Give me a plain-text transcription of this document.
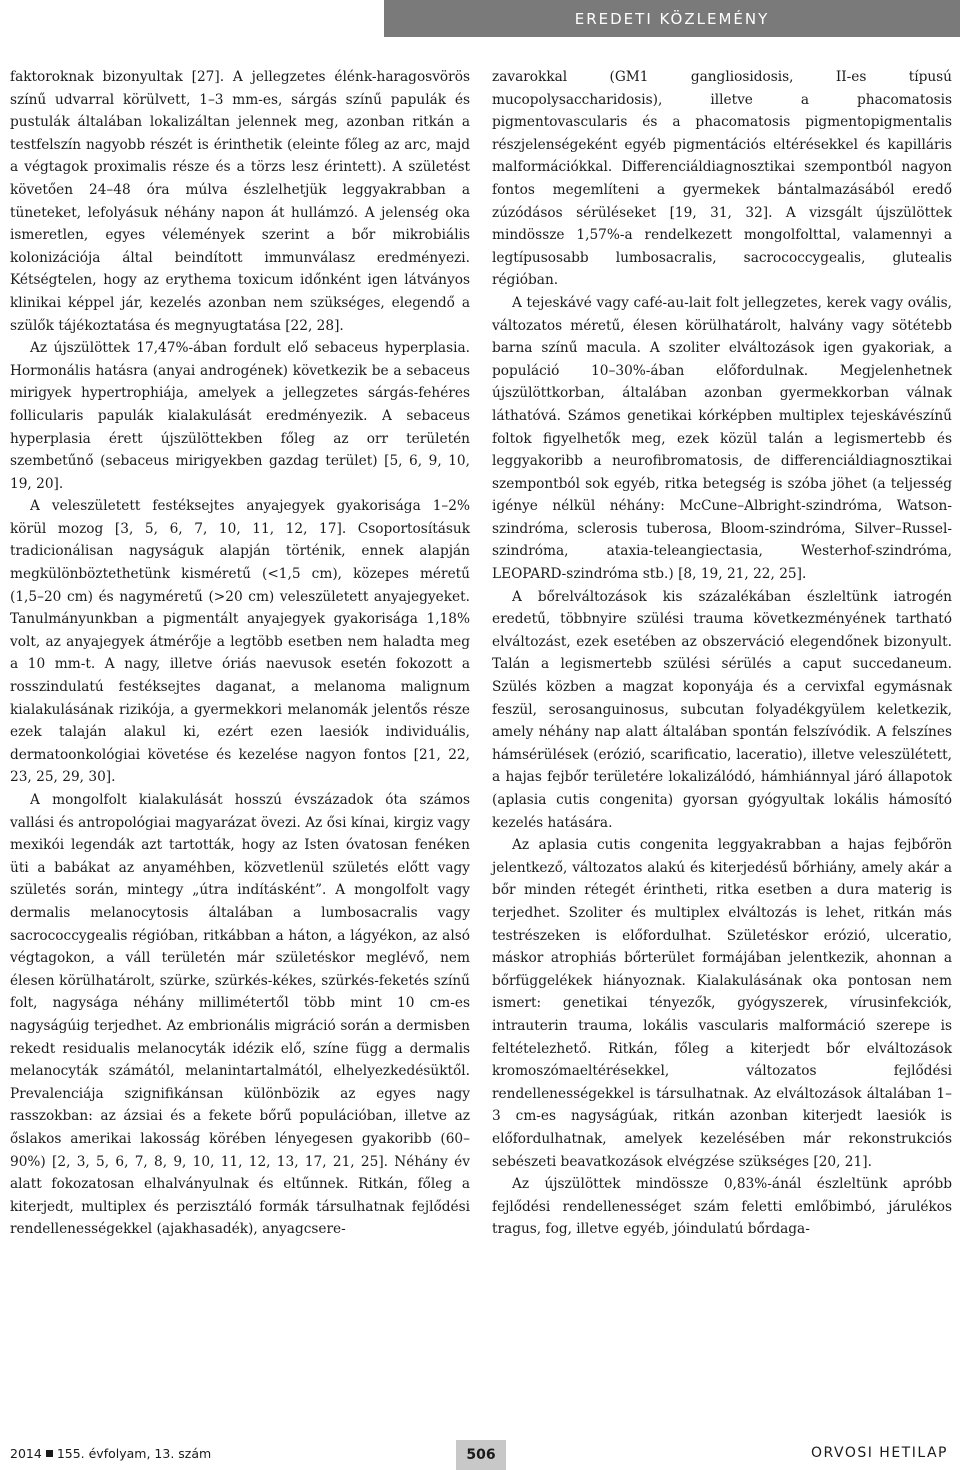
EREDETI KÖZLEMÉNY

faktoroknak bizonyultak [27]. A jellegzetes élénk-haragosvörös színű udvarral körülvett, 1–3 mm-es, sárgás színű papulák és pustulák általában lokalizáltan jelennek meg, azonban ritkán a testfelszín nagyobb részét is érinthetik (eleinte főleg az arc, majd a végtagok proximalis része és a törzs lesz érintett). A születést követően 24–48 óra múlva észlelhetjük leggyakrabban a tüneteket, lefolyásuk néhány napon át hullámzó. A jelenség oka ismeretlen, egyes vélemények szerint a bőr mikrobiális kolonizációja által beindított immunválasz eredményezi. Kétségtelen, hogy az erythema toxicum időnként igen látványos klinikai képpel jár, kezelés azonban nem szükséges, elegendő a szülők tájékoztatása és megnyugtatása [22, 28].

Az újszülöttek 17,47%-ában fordult elő sebaceus hyperplasia. Hormonális hatásra (anyai androgének) következik be a sebaceus mirigyek hypertrophiája, amelyek a jellegzetes sárgás-fehéres follicularis papulák kialakulását eredményezik. A sebaceus hyperplasia érett újszülöttekben főleg az orr területén szembetűnő (sebaceus mirigyekben gazdag terület) [5, 6, 9, 10, 19, 20].

A veleszületett festéksejtes anyajegyek gyakorisága 1–2% körül mozog [3, 5, 6, 7, 10, 11, 12, 17]. Csoportosításuk tradicionálisan nagyságuk alapján történik, ennek alapján megkülönböztethetünk kisméretű (<1,5 cm), közepes méretű (1,5–20 cm) és nagyméretű (>20 cm) veleszületett anyajegyeket. Tanulmányunkban a pigmentált anyajegyek gyakorisága 1,18% volt, az anyajegyek átmérője a legtöbb esetben nem haladta meg a 10 mm-t. A nagy, illetve óriás naevusok esetén fokozott a rosszindulatú festéksejtes daganat, a melanoma malignum kialakulásának rizikója, a gyermekkori melanomák jelentős része ezek talaján alakul ki, ezért ezen laesiók individuális, dermatoonkológiai követése és kezelése nagyon fontos [21, 22, 23, 25, 29, 30].

A mongolfolt kialakulását hosszú évszázadok óta számos vallási és antropológiai magyarázat övezi. Az ősi kínai, kirgiz vagy mexikói legendák azt tartották, hogy az Isten óvatosan fenéken üti a babákat az anyaméhben, közvetlenül születés előtt vagy születés során, mintegy „útra indításként”. A mongolfolt vagy dermalis melanocytosis általában a lumbosacralis vagy sacrococcygealis régióban, ritkábban a háton, a lágyékon, az alsó végtagokon, a váll területén már születéskor meglévő, nem élesen körülhatárolt, szürke, szürkés-kékes, szürkés-feketés színű folt, nagysága néhány millimétertől több mint 10 cm-es nagyságúig terjedhet. Az embrionális migráció során a dermisben rekedt residualis melanocyták idézik elő, színe függ a dermalis melanocyták számától, melanintartalmától, elhelyezkedésüktől. Prevalenciája szignifikánsan különbözik az egyes nagy rasszokban: az ázsiai és a fekete bőrű populációban, illetve az őslakos amerikai lakosság körében lényegesen gyakoribb (60–90%) [2, 3, 5, 6, 7, 8, 9, 10, 11, 12, 13, 17, 21, 25]. Néhány év alatt fokozatosan elhalványulnak és eltűnnek. Ritkán, főleg a kiterjedt, multiplex és perzisztáló formák társulhatnak fejlődési rendellenességekkel (ajakhasadék), anyagcsere-

zavarokkal (GM1 gangliosidosis, II-es típusú mucopolysaccharidosis), illetve a phacomatosis pigmentovascularis és a phacomatosis pigmentopigmentalis részjelenségeként egyéb pigmentációs eltérésekkel és kapilláris malformációkkal. Differenciáldiagnosztikai szempontból nagyon fontos megemlíteni a gyermekek bántalmazásából eredő zúzódásos sérüléseket [19, 31, 32]. A vizsgált újszülöttek mindössze 1,57%-a rendelkezett mongolfolttal, valamennyi a legtípusosabb lumbosacralis, sacrococcygealis, glutealis régióban.

A tejeskávé vagy café-au-lait folt jellegzetes, kerek vagy ovális, változatos méretű, élesen körülhatárolt, halvány vagy sötétebb barna színű macula. A szoliter elváltozások igen gyakoriak, a populáció 10–30%-ában előfordulnak. Megjelenhetnek újszülöttkorban, általában azonban gyermekkorban válnak láthatóvá. Számos genetikai kórképben multiplex tejeskávészínű foltok figyelhetők meg, ezek közül talán a legismertebb és leggyakoribb a neurofibromatosis, de differenciáldiagnosztikai szempontból sok egyéb, ritka betegség is szóba jöhet (a teljesség igénye nélkül néhány: McCune–Albright-szindróma, Watson-szindróma, sclerosis tuberosa, Bloom-szindróma, Silver–Russel-szindróma, ataxia-teleangiectasia, Westerhof-szindróma, LEOPARD-szindróma stb.) [8, 19, 21, 22, 25].

A bőrelváltozások kis százalékában észleltünk iatrogén eredetű, többnyire szülési trauma következményének tartható elváltozást, ezek esetében az obszerváció elegendőnek bizonyult. Talán a legismertebb szülési sérülés a caput succedaneum. Szülés közben a magzat koponyája és a cervixfal egymásnak feszül, serosanguinosus, subcutan folyadékgyülem keletkezik, amely néhány nap alatt általában spontán felszívódik. A felszínes hámsérülések (erózió, scarificatio, laceratio), illetve veleszülétett, a hajas fejbőr területére lokalizálódó, hámhiánnyal járó állapotok (aplasia cutis congenita) gyorsan gyógyultak lokális hámosító kezelés hatására.

Az aplasia cutis congenita leggyakrabban a hajas fejbőrön jelentkező, változatos alakú és kiterjedésű bőrhiány, amely akár a bőr minden rétegét érintheti, ritka esetben a dura materig is terjedhet. Szoliter és multiplex elváltozás is lehet, ritkán más testrészeken is előfordulhat. Születéskor erózió, ulceratio, máskor atrophiás bőrterület formájában jelentkezik, ahonnan a bőrfüggelékek hiányoznak. Kialakulásának oka pontosan nem ismert: genetikai tényezők, gyógyszerek, vírusinfekciók, intrauterin trauma, lokális vascularis malformáció szerepe is feltételezhető. Ritkán, főleg a kiterjedt bőr elváltozások kromoszómaeltérésekkel, változatos fejlődési rendellenességekkel is társulhatnak. Az elváltozások általában 1–3 cm-es nagyságúak, ritkán azonban kiterjedt laesiók is előfordulhatnak, amelyek kezelésében már rekonstrukciós sebészeti beavatkozások elvégzése szükséges [20, 21].

Az újszülöttek mindössze 0,83%-ánál észleltünk apróbb fejlődési rendellenességet szám feletti emlőbimbó, járulékos tragus, fog, illetve egyéb, jóindulatú bőrdaga-

2014 155. évfolyam, 13. szám	506	ORVOSI HETILAP
